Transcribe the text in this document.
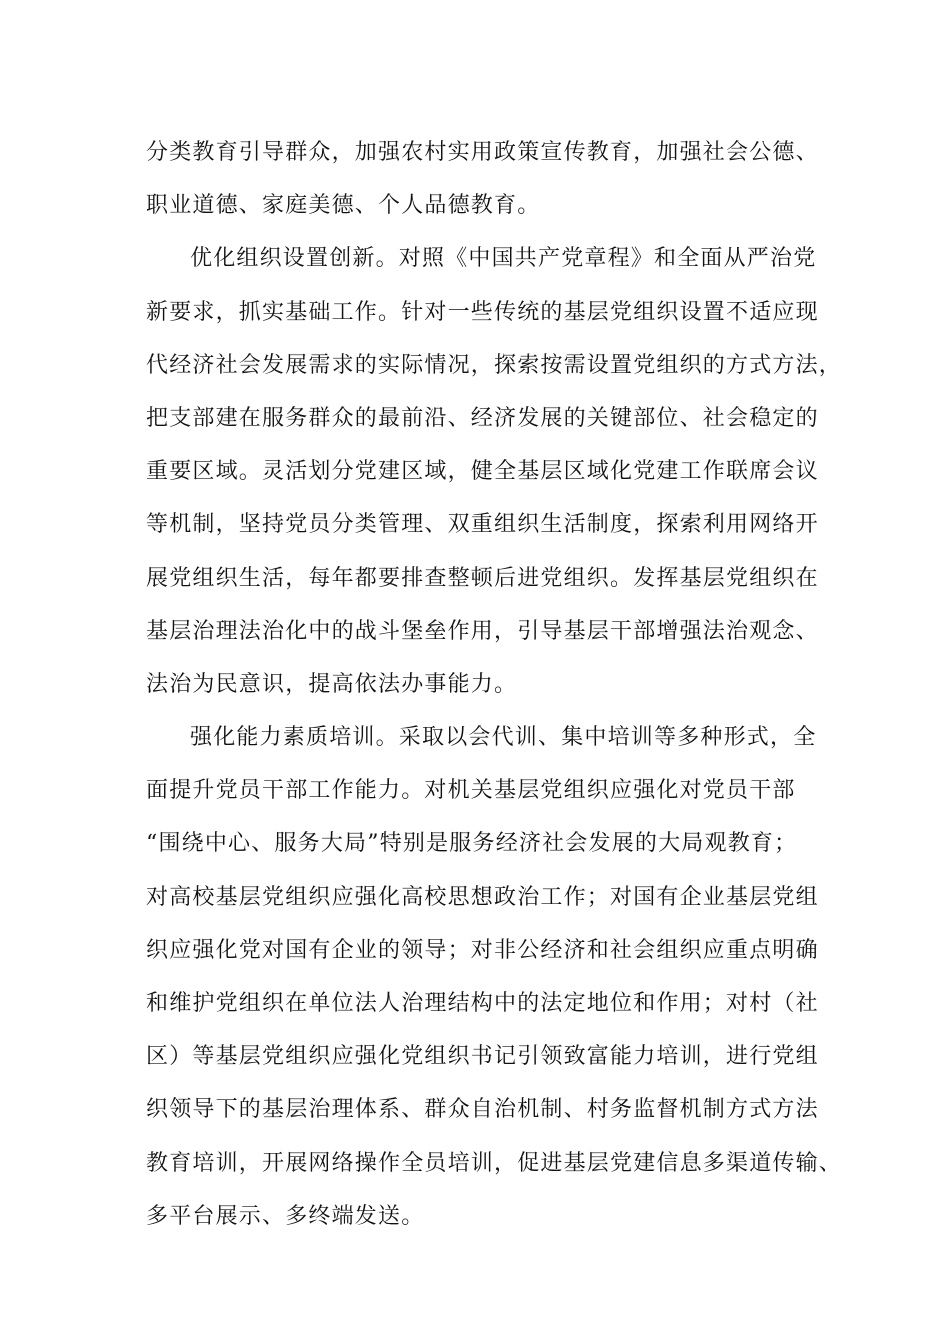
分类教育引导群众，加强农村实用政策宣传教育，加强社会公德、
职业道德、家庭美德、个人品德教育。
优化组织设置创新。对照《中国共产党章程》和全面从严治党
新要求，抓实基础工作。针对一些传统的基层党组织设置不适应现
代经济社会发展需求的实际情况，探索按需设置党组织的方式方法，
把支部建在服务群众的最前沿、经济发展的关键部位、社会稳定的
重要区域。灵活划分党建区域，健全基层区域化党建工作联席会议
等机制，坚持党员分类管理、双重组织生活制度，探索利用网络开
展党组织生活，每年都要排查整顿后进党组织。发挥基层党组织在
基层治理法治化中的战斗堡垒作用，引导基层干部增强法治观念、
法治为民意识，提高依法办事能力。
强化能力素质培训。采取以会代训、集中培训等多种形式，全
面提升党员干部工作能力。对机关基层党组织应强化对党员干部
“围绕中心、服务大局”特别是服务经济社会发展的大局观教育；
对高校基层党组织应强化高校思想政治工作；对国有企业基层党组
织应强化党对国有企业的领导；对非公经济和社会组织应重点明确
和维护党组织在单位法人治理结构中的法定地位和作用；对村（社
区）等基层党组织应强化党组织书记引领致富能力培训，进行党组
织领导下的基层治理体系、群众自治机制、村务监督机制方式方法
教育培训，开展网络操作全员培训，促进基层党建信息多渠道传输、
多平台展示、多终端发送。
